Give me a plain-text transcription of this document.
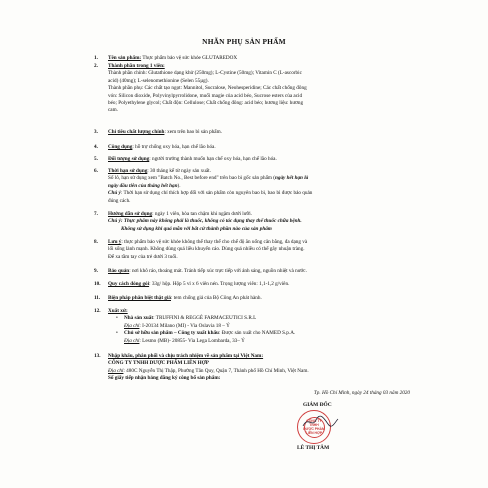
NHÃN PHỤ SẢN PHẨM
1. Tên sản phẩm: Thực phẩm bảo vệ sức khỏe GLUTAREDOX
2. Thành phần trong 1 viên:
Thành phần chính: Glutathione dạng khử (250mg); L-Cystine (50mg); Vitamin C (L-ascorbic
acid) (40mg); L-selenomethionine (Selen 55µg).
Thành phần phụ: Các chất tạo ngọt: Mannitol, Sucralose, Neohesperidine; Các chất chống đông
vón: Silicon dioxide, Polyvinylpyrrolidone, muối magie của acid béo, Sucrose esters của acid
béo; Polyethylene glycol; Chất độn: Cellulose; Chất chống đông: acid béo; hương liệu: hương
cam.
3. Chỉ tiêu chất lượng chính: xem trên bao bì sản phẩm.
4. Công dụng: hỗ trợ chống oxy hóa, hạn chế lão hóa.
5. Đối tượng sử dụng: người trưởng thành muốn hạn chế oxy hóa, hạn chế lão hóa.
6. Thời hạn sử dụng: 30 tháng kể từ ngày sản xuất.
Số lô, hạn sử dụng xem "Batch No., Best before end" trên bao bì gốc sản phẩm (ngày hết hạn là
ngày đầu tiên của tháng hết hạn).
Chú ý: Thời hạn sử dụng chỉ thích hợp đối với sản phẩm còn nguyên bao bì, bao bì được bảo quản
đúng cách.
7. Hướng dẫn sử dụng: ngày 1 viên, hòa tan chậm khi ngậm dưới lưỡi.
Chú ý: Thực phẩm này không phải là thuốc, không có tác dụng thay thế thuốc chữa bệnh.
Không sử dụng khi quá mẫn với bất cứ thành phần nào của sản phẩm
8. Lưu ý: thực phẩm bảo vệ sức khỏe không thể thay thế cho chế độ ăn uống cân bằng, đa dạng và
lối sống lành mạnh. Không dùng quá liều khuyến cáo. Dùng quá nhiều có thể gây nhuận tràng.
Để xa tầm tay của trẻ dưới 3 tuổi.
9. Bảo quản: nơi khô ráo, thoáng mát. Tránh tiếp xúc trực tiếp với ánh sáng, nguồn nhiệt và nước.
10. Quy cách đóng gói: 33g/ hộp. Hộp 5 vỉ x 6 viên nén. Trọng lượng viên: 1,1-1,2 g/viên.
11. Biện pháp phân biệt thật giả: tem chống giả của Bộ Công An phát hành.
12. Xuất xứ:
• Nhà sản xuất: TRUFFINI & REGGÈ FARMACEUTICI S.R.L
Địa chỉ: I-20134 Milano (MI) - Via Oslavia 18 – Ý
• Chủ sở hữu sản phẩm – Công ty xuất khẩu: Được sản xuất cho NAMED S.p.A.
Địa chỉ: Lesmo (MB)- 20855- Via Lega Lombarda, 33– Ý
13. Nhập khẩu, phân phối và chịu trách nhiệm về sản phẩm tại Việt Nam:
CÔNG TY TNHH DƯỢC PHẨM LIÊN HỢP
Địa chỉ: 480C Nguyễn Thị Thập, Phường Tân Quy, Quận 7, Thành phố Hồ Chí Minh, Việt Nam.
Số giấy tiếp nhận bảng đăng ký công bố sản phẩm:
Tp. Hồ Chí Minh, ngày 24 tháng 03 năm 2020
GIÁM ĐỐC
CÔNG TY
TNHH
DƯỢC PHẨM
LIÊN HỢP
LÊ THỊ TÂM
